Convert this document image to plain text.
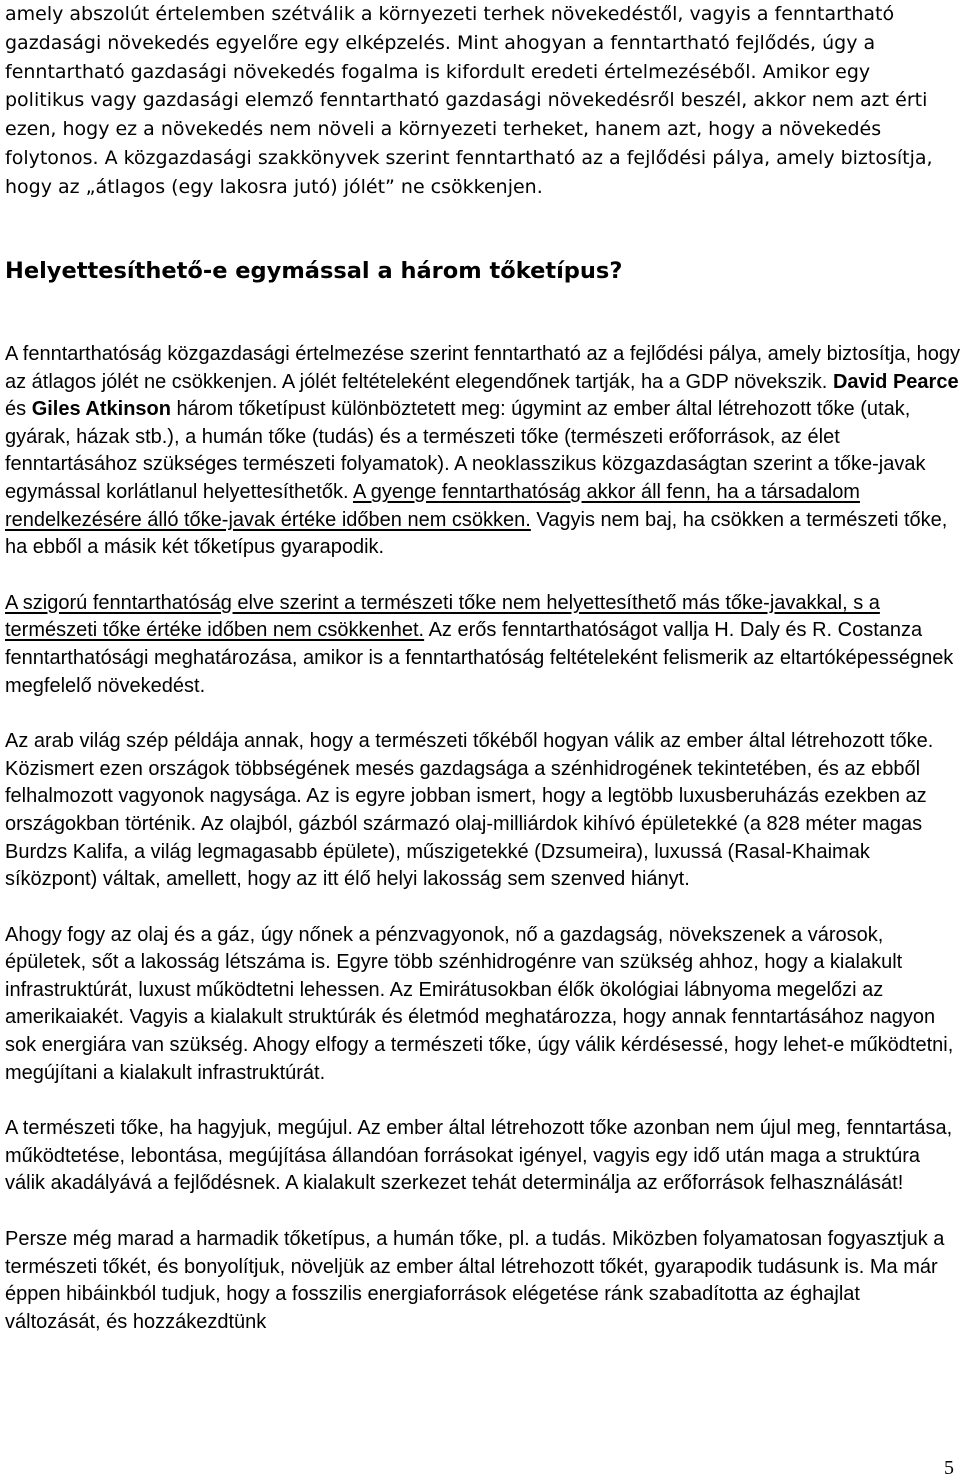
amely abszolút értelemben szétválik a környezeti terhek növekedéstől, vagyis a fenntartható gazdasági növekedés egyelőre egy elképzelés. Mint ahogyan a fenntartható fejlődés, úgy a fenntartható gazdasági növekedés fogalma is kifordult eredeti értelmezéséből. Amikor egy politikus vagy gazdasági elemző fenntartható gazdasági növekedésről beszél, akkor nem azt érti ezen, hogy ez a növekedés nem növeli a környezeti terheket, hanem azt, hogy a növekedés folytonos. A közgazdasági szakkönyvek szerint fenntartható az a fejlődési pálya, amely biztosítja, hogy az „átlagos (egy lakosra jutó) jólét” ne csökkenjen.

Helyettesíthető-e egymással a három tőketípus?

A fenntarthatóság közgazdasági értelmezése szerint fenntartható az a fejlődési pálya, amely biztosítja, hogy az átlagos jólét ne csökkenjen. A jólét feltételeként elegendőnek tartják, ha a GDP növekszik. David Pearce és Giles Atkinson három tőketípust különböztetett meg: úgymint az ember által létrehozott tőke (utak, gyárak, házak stb.), a humán tőke (tudás) és a természeti tőke (természeti erőforrások, az élet fenntartásához szükséges természeti folyamatok). A neoklasszikus közgazdaságtan szerint a tőke-javak egymással korlátlanul helyettesíthetők. A gyenge fenntarthatóság akkor áll fenn, ha a társadalom rendelkezésére álló tőke-javak értéke időben nem csökken. Vagyis nem baj, ha csökken a természeti tőke, ha ebből a másik két tőketípus gyarapodik.

A szigorú fenntarthatóság elve szerint a természeti tőke nem helyettesíthető más tőke-javakkal, s a természeti tőke értéke időben nem csökkenhet. Az erős fenntarthatóságot vallja H. Daly és R. Costanza fenntarthatósági meghatározása, amikor is a fenntarthatóság feltételeként felismerik az eltartóképességnek megfelelő növekedést.

Az arab világ szép példája annak, hogy a természeti tőkéből hogyan válik az ember által létrehozott tőke. Közismert ezen országok többségének mesés gazdagsága a szénhidrogének tekintetében, és az ebből felhalmozott vagyonok nagysága. Az is egyre jobban ismert, hogy a legtöbb luxusberuházás ezekben az országokban történik. Az olajból, gázból származó olaj-milliárdok kihívó épületekké (a 828 méter magas Burdzs Kalifa, a világ legmagasabb épülete), műszigetekké (Dzsumeira), luxussá (Rasal-Khaimak síközpont) váltak, amellett, hogy az itt élő helyi lakosság sem szenved hiányt.

Ahogy fogy az olaj és a gáz, úgy nőnek a pénzvagyonok, nő a gazdagság, növekszenek a városok, épületek, sőt a lakosság létszáma is. Egyre több szénhidrogénre van szükség ahhoz, hogy a kialakult infrastruktúrát, luxust működtetni lehessen. Az Emirátusokban élők ökológiai lábnyoma megelőzi az amerikaiakét. Vagyis a kialakult struktúrák és életmód meghatározza, hogy annak fenntartásához nagyon sok energiára van szükség. Ahogy elfogy a természeti tőke, úgy válik kérdésessé, hogy lehet-e működtetni, megújítani a kialakult infrastruktúrát.

A természeti tőke, ha hagyjuk, megújul. Az ember által létrehozott tőke azonban nem újul meg, fenntartása, működtetése, lebontása, megújítása állandóan forrásokat igényel, vagyis egy idő után maga a struktúra válik akadályává a fejlődésnek. A kialakult szerkezet tehát determinálja az erőforrások felhasználását!

Persze még marad a harmadik tőketípus, a humán tőke, pl. a tudás. Miközben folyamatosan fogyasztjuk a természeti tőkét, és bonyolítjuk, növeljük az ember által létrehozott tőkét, gyarapodik tudásunk is. Ma már éppen hibáinkból tudjuk, hogy a fosszilis energiaforrások elégetése ránk szabadította az éghajlat változását, és hozzákezdtünk

5
